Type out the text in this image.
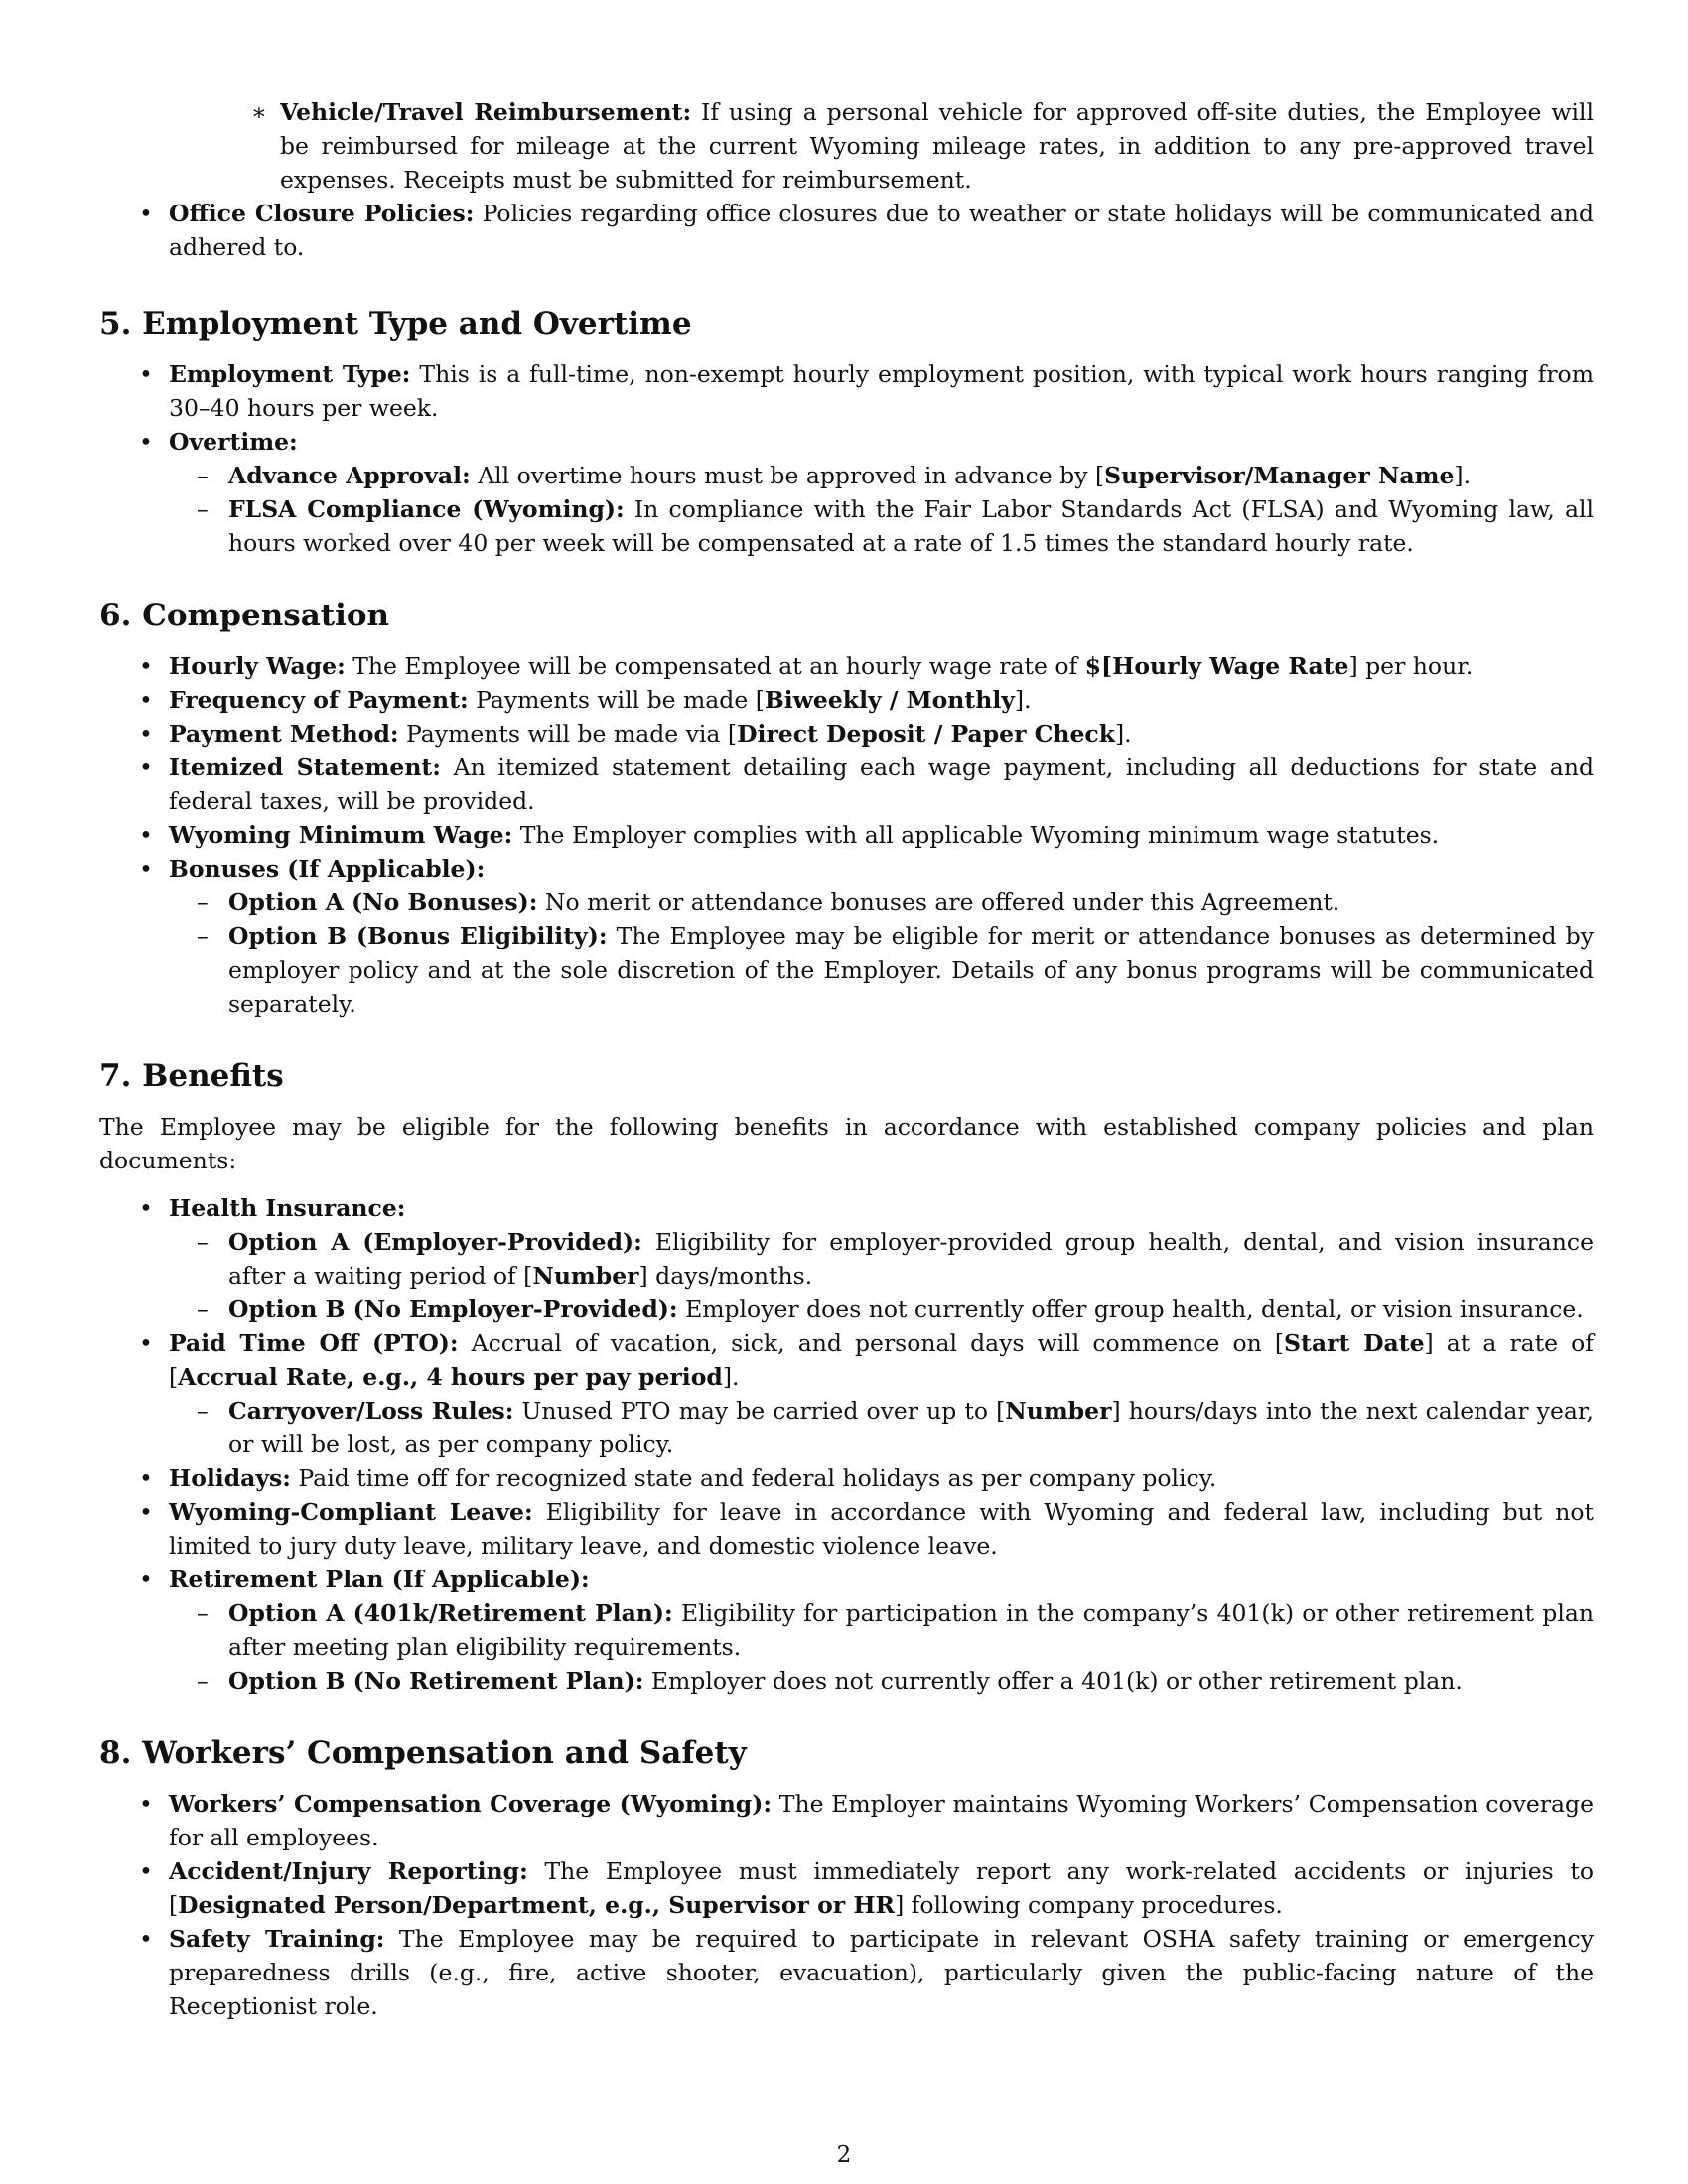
∗ Vehicle/Travel Reimbursement: If using a personal vehicle for approved off-site duties, the Employee will be reimbursed for mileage at the current Wyoming mileage rates, in addition to any pre-approved travel expenses. Receipts must be submitted for reimbursement.
• Office Closure Policies: Policies regarding office closures due to weather or state holidays will be communicated and adhered to.
5. Employment Type and Overtime
• Employment Type: This is a full-time, non-exempt hourly employment position, with typical work hours ranging from 30–40 hours per week.
• Overtime:
– Advance Approval: All overtime hours must be approved in advance by [Supervisor/Manager Name].
– FLSA Compliance (Wyoming): In compliance with the Fair Labor Standards Act (FLSA) and Wyoming law, all hours worked over 40 per week will be compensated at a rate of 1.5 times the standard hourly rate.
6. Compensation
• Hourly Wage: The Employee will be compensated at an hourly wage rate of $[Hourly Wage Rate] per hour.
• Frequency of Payment: Payments will be made [Biweekly / Monthly].
• Payment Method: Payments will be made via [Direct Deposit / Paper Check].
• Itemized Statement: An itemized statement detailing each wage payment, including all deductions for state and federal taxes, will be provided.
• Wyoming Minimum Wage: The Employer complies with all applicable Wyoming minimum wage statutes.
• Bonuses (If Applicable):
– Option A (No Bonuses): No merit or attendance bonuses are offered under this Agreement.
– Option B (Bonus Eligibility): The Employee may be eligible for merit or attendance bonuses as determined by employer policy and at the sole discretion of the Employer. Details of any bonus programs will be communicated separately.
7. Benefits

The Employee may be eligible for the following benefits in accordance with established company policies and plan documents:

• Health Insurance:
– Option A (Employer-Provided): Eligibility for employer-provided group health, dental, and vision insurance after a waiting period of [Number] days/months.
– Option B (No Employer-Provided): Employer does not currently offer group health, dental, or vision insurance.
• Paid Time Off (PTO): Accrual of vacation, sick, and personal days will commence on [Start Date] at a rate of [Accrual Rate, e.g., 4 hours per pay period].
– Carryover/Loss Rules: Unused PTO may be carried over up to [Number] hours/days into the next calendar year, or will be lost, as per company policy.
• Holidays: Paid time off for recognized state and federal holidays as per company policy.
• Wyoming-Compliant Leave: Eligibility for leave in accordance with Wyoming and federal law, including but not limited to jury duty leave, military leave, and domestic violence leave.
• Retirement Plan (If Applicable):
– Option A (401k/Retirement Plan): Eligibility for participation in the company’s 401(k) or other retirement plan after meeting plan eligibility requirements.
– Option B (No Retirement Plan): Employer does not currently offer a 401(k) or other retirement plan.
8. Workers’ Compensation and Safety
• Workers’ Compensation Coverage (Wyoming): The Employer maintains Wyoming Workers’ Compensation coverage for all employees.
• Accident/Injury Reporting: The Employee must immediately report any work-related accidents or injuries to [Designated Person/Department, e.g., Supervisor or HR] following company procedures.
• Safety Training: The Employee may be required to participate in relevant OSHA safety training or emergency preparedness drills (e.g., fire, active shooter, evacuation), particularly given the public-facing nature of the Receptionist role.
2
